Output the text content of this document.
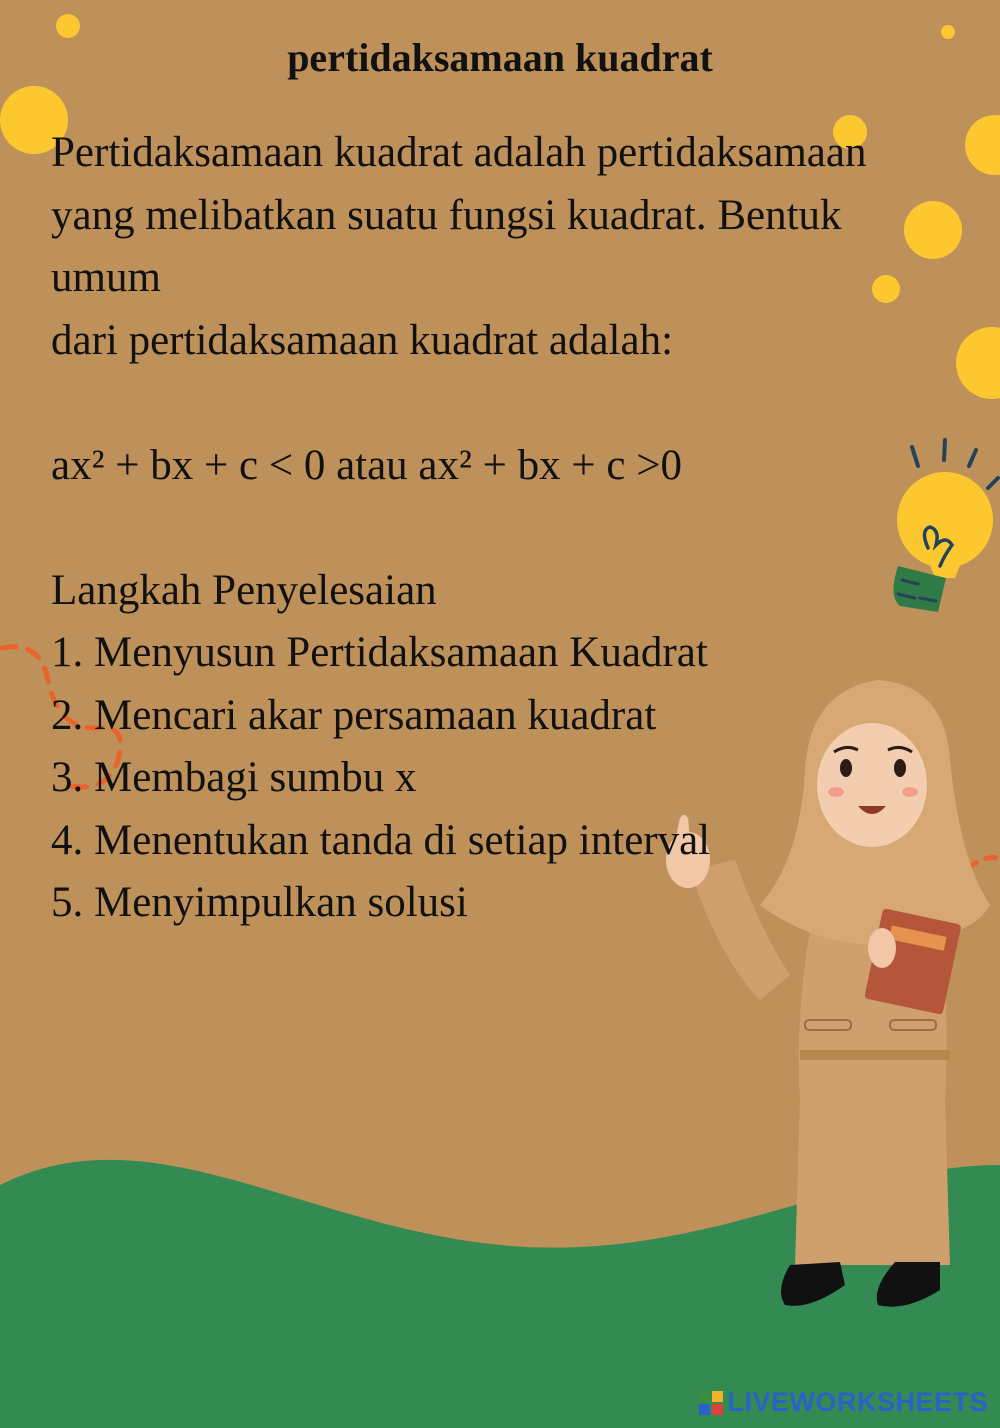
pertidaksamaan kuadrat
Pertidaksamaan kuadrat adalah pertidaksamaan
yang melibatkan suatu fungsi kuadrat. Bentuk
umum
dari pertidaksamaan kuadrat adalah:
ax² + bx + c < 0 atau ax² + bx + c >0
Langkah Penyelesaian
1. Menyusun Pertidaksamaan Kuadrat
2. Mencari akar persamaan kuadrat
3. Membagi sumbu x
4. Menentukan tanda di setiap interval
5. Menyimpulkan solusi
LIVEWORKSHEETS
